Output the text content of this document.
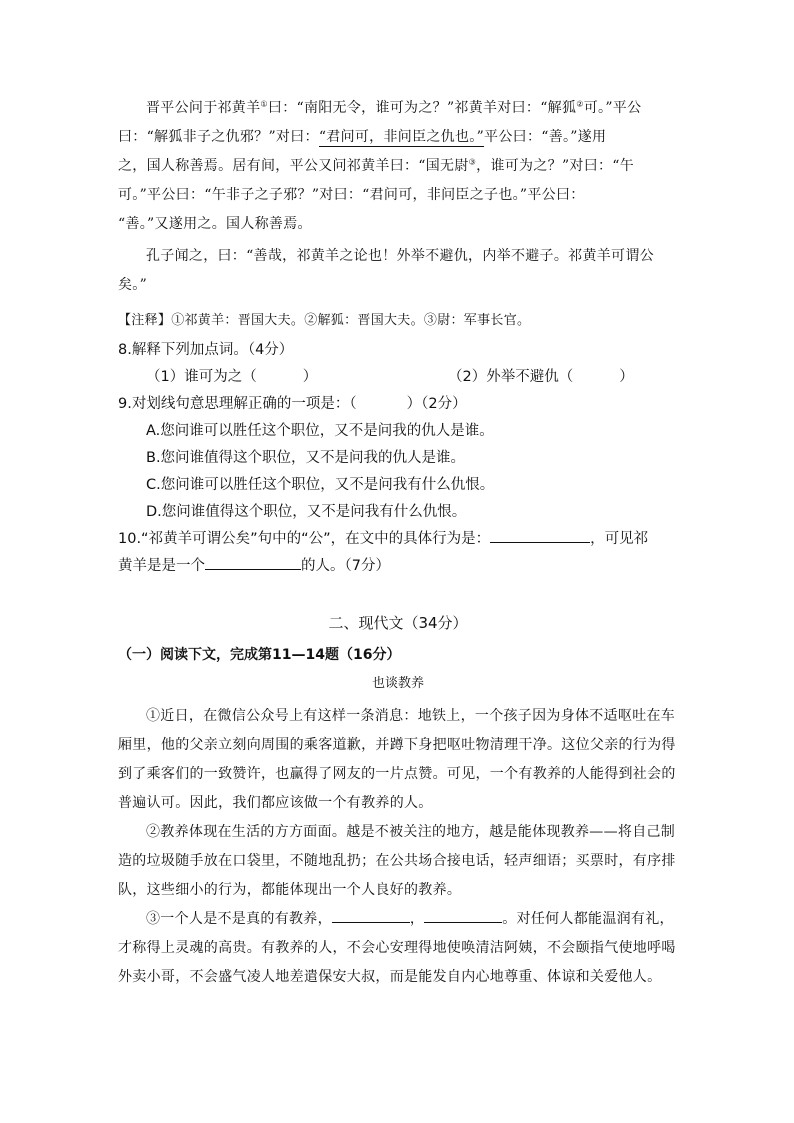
晋平公问于祁黄羊①曰：“南阳无令，谁可为之？”祁黄羊对曰：“解狐②可。”平公
曰：“解狐非子之仇邪？”对曰：“君问可，非问臣之仇也。”平公曰：“善。”遂用
之，国人称善焉。居有间，平公又问祁黄羊曰：“国无尉③，谁可为之？”对曰：“午
可。”平公曰：“午非子之子邪？”对曰：“君问可，非问臣之子也。”平公曰：
“善。”又遂用之。国人称善焉。
孔子闻之，曰：“善哉，祁黄羊之论也！外举不避仇，内举不避子。祁黄羊可谓公
矣。”
【注释】①祁黄羊：晋国大夫。②解狐：晋国大夫。③尉：军事长官。
8.解释下列加点词。（4分）
（1）谁可为之（	）	（2）外举不避仇（	）
9.对划线句意思理解正确的一项是：（	）（2分）
A.您问谁可以胜任这个职位，又不是问我的仇人是谁。
B.您问谁值得这个职位，又不是问我的仇人是谁。
C.您问谁可以胜任这个职位，又不是问我有什么仇恨。
D.您问谁值得这个职位，又不是问我有什么仇恨。
10.“祁黄羊可谓公矣”句中的“公”，在文中的具体行为是：	，可见祁
黄羊是是一个	的人。（7分）
二、现代文（34分）
（一）阅读下文，完成第11—14题（16分）
也谈教养
①近日，在微信公众号上有这样一条消息：地铁上，一个孩子因为身体不适呕吐在车
厢里，他的父亲立刻向周围的乘客道歉，并蹲下身把呕吐物清理干净。这位父亲的行为得
到了乘客们的一致赞许，也赢得了网友的一片点赞。可见，一个有教养的人能得到社会的
普遍认可。因此，我们都应该做一个有教养的人。
②教养体现在生活的方方面面。越是不被关注的地方，越是能体现教养——将自己制
造的垃圾随手放在口袋里，不随地乱扔；在公共场合接电话，轻声细语；买票时，有序排
队，这些细小的行为，都能体现出一个人良好的教养。
③一个人是不是真的有教养，	，	。对任何人都能温润有礼，
才称得上灵魂的高贵。有教养的人，不会心安理得地使唤清洁阿姨，不会颐指气使地呼喝
外卖小哥，不会盛气凌人地差遣保安大叔，而是能发自内心地尊重、体谅和关爱他人。
